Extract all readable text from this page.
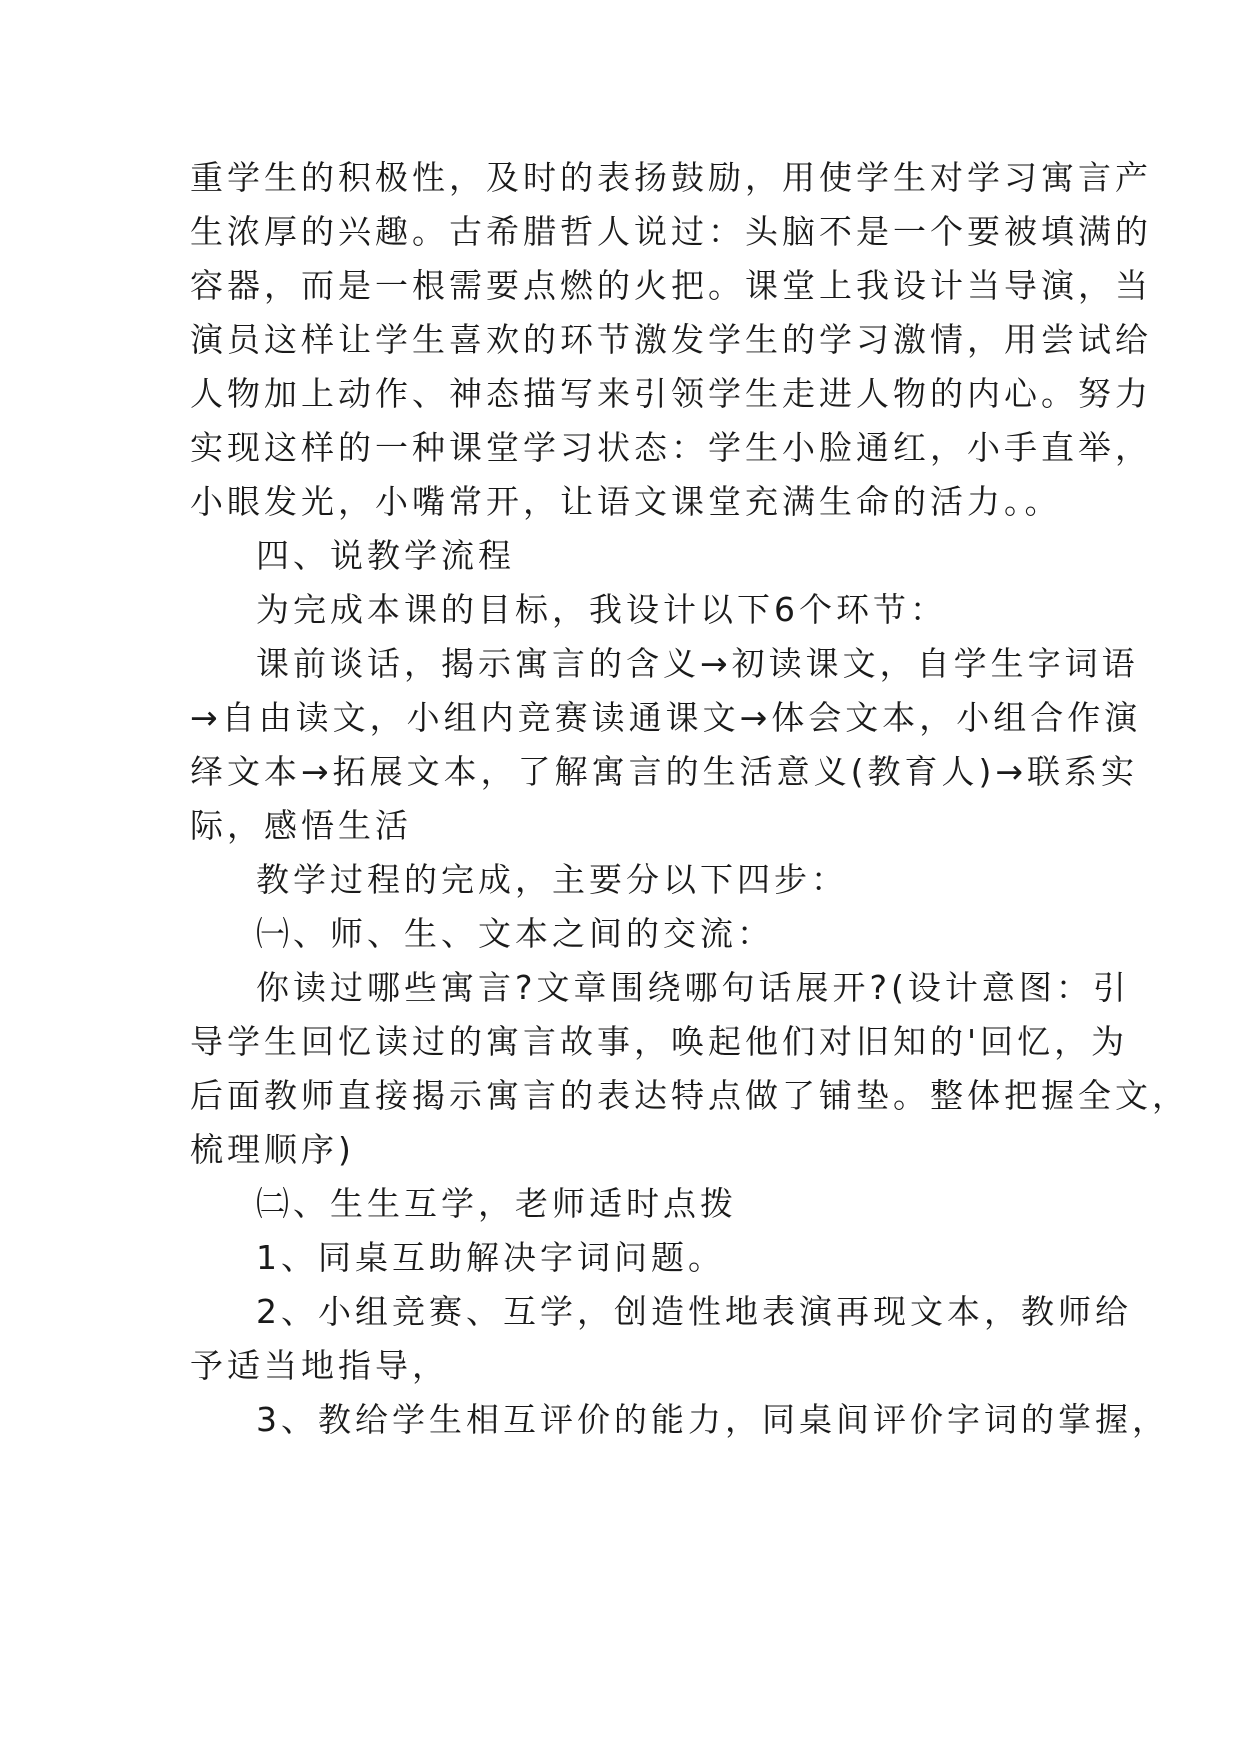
重学生的积极性，及时的表扬鼓励，用使学生对学习寓言产
生浓厚的兴趣。古希腊哲人说过：头脑不是一个要被填满的
容器，而是一根需要点燃的火把。课堂上我设计当导演，当
演员这样让学生喜欢的环节激发学生的学习激情，用尝试给
人物加上动作、神态描写来引领学生走进人物的内心。努力
实现这样的一种课堂学习状态：学生小脸通红，小手直举，
小眼发光，小嘴常开，让语文课堂充满生命的活力。。
四、说教学流程
为完成本课的目标，我设计以下6个环节：
课前谈话，揭示寓言的含义→初读课文，自学生字词语
→自由读文，小组内竞赛读通课文→体会文本，小组合作演
绎文本→拓展文本，了解寓言的生活意义(教育人)→联系实
际，感悟生活
教学过程的完成，主要分以下四步：
㈠、师、生、文本之间的交流：
你读过哪些寓言?文章围绕哪句话展开?(设计意图：引
导学生回忆读过的寓言故事，唤起他们对旧知的'回忆，为
后面教师直接揭示寓言的表达特点做了铺垫。整体把握全文，
梳理顺序)
㈡、生生互学，老师适时点拨
1、同桌互助解决字词问题。
2、小组竞赛、互学，创造性地表演再现文本，教师给
予适当地指导，
3、教给学生相互评价的能力，同桌间评价字词的掌握，
